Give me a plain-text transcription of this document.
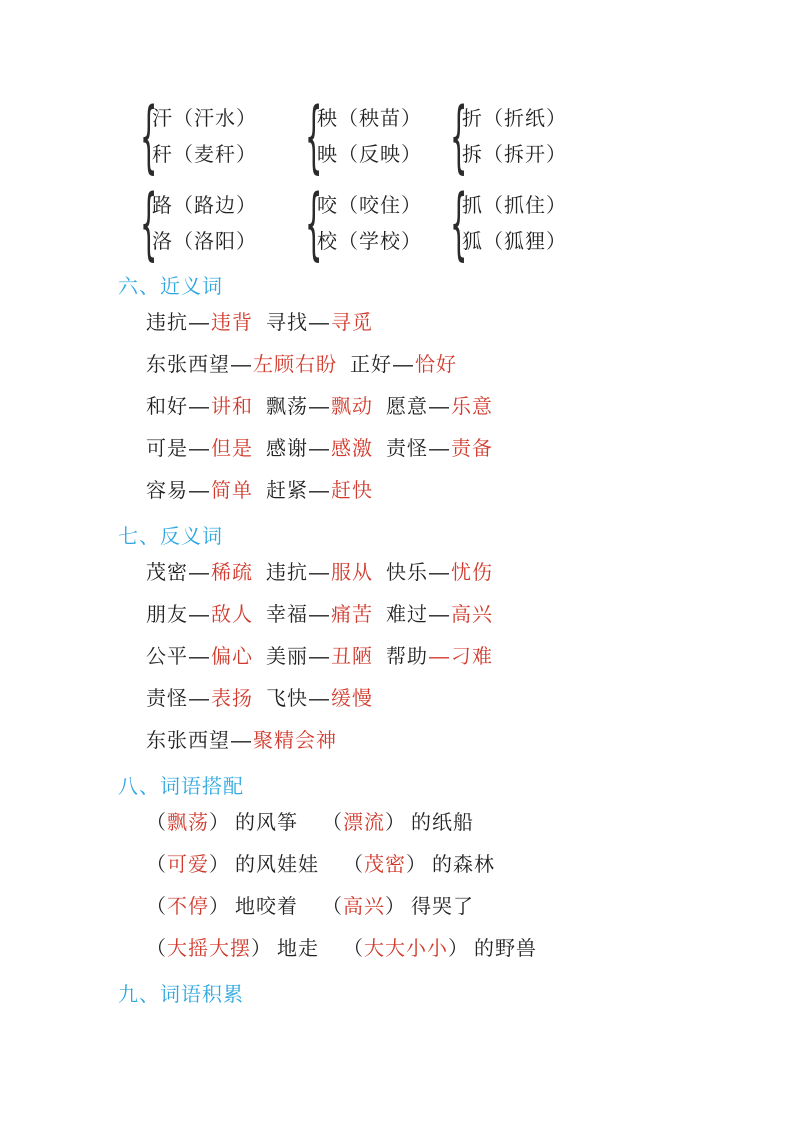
{
汗（汗水）
秆（麦秆） {
秧（秧苗）
映（反映） {
折（折纸）
拆（拆开）
{
路（路边）
洛（洛阳） {
咬（咬住）
校（学校） {
抓（抓住）
狐（狐狸）
六、近义词

违抗—违背 寻找—寻觅

东张西望—左顾右盼 正好—恰好

和好—讲和 飘荡—飘动 愿意—乐意

可是—但是 感谢—感激 责怪—责备

容易—简单 赶紧—赶快

七、反义词

茂密—稀疏 违抗—服从 快乐—忧伤

朋友—敌人 幸福—痛苦 难过—高兴

公平—偏心 美丽—丑陋 帮助—刁难

责怪—表扬 飞快—缓慢

东张西望—聚精会神

八、词语搭配

（飘荡） 的风筝 （漂流） 的纸船

（可爱） 的风娃娃 （茂密） 的森林

（不停） 地咬着 （高兴） 得哭了

（大摇大摆） 地走 （大大小小） 的野兽

九、词语积累
